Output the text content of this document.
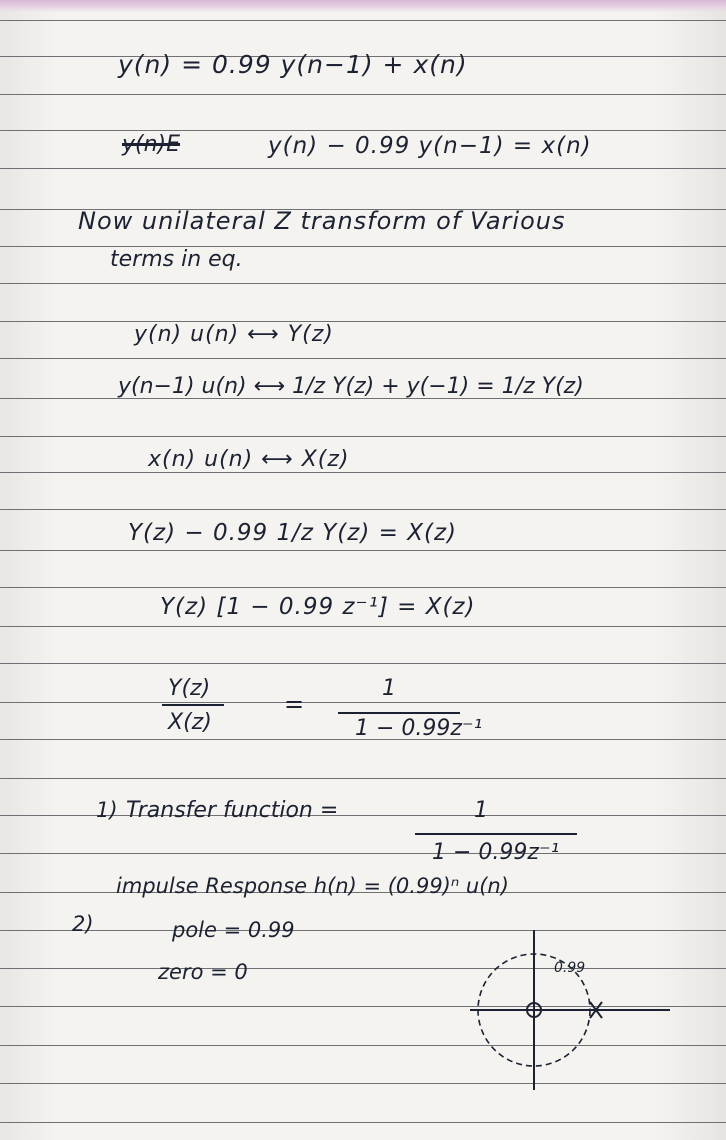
y(n) = 0.99 y(n−1) + x(n)
y(n)E	y(n) − 0.99 y(n−1) = x(n)
Now unilateral Z transform of Various
terms in eq.
y(n) u(n) ⟷ Y(z)
y(n−1) u(n) ⟷ 1/z Y(z) + y(−1) = 1/z Y(z)
x(n) u(n) ⟷ X(z)
Y(z) − 0.99 1/z Y(z) = X(z)
Y(z) [1 − 0.99 z⁻¹] = X(z)
Y(z)
X(z)
=
1
1 − 0.99z⁻¹
1) Transfer function =	1
1 − 0.99z⁻¹
impulse Response h(n) = (0.99)ⁿ u(n)
2)	pole = 0.99
zero = 0	0.99
